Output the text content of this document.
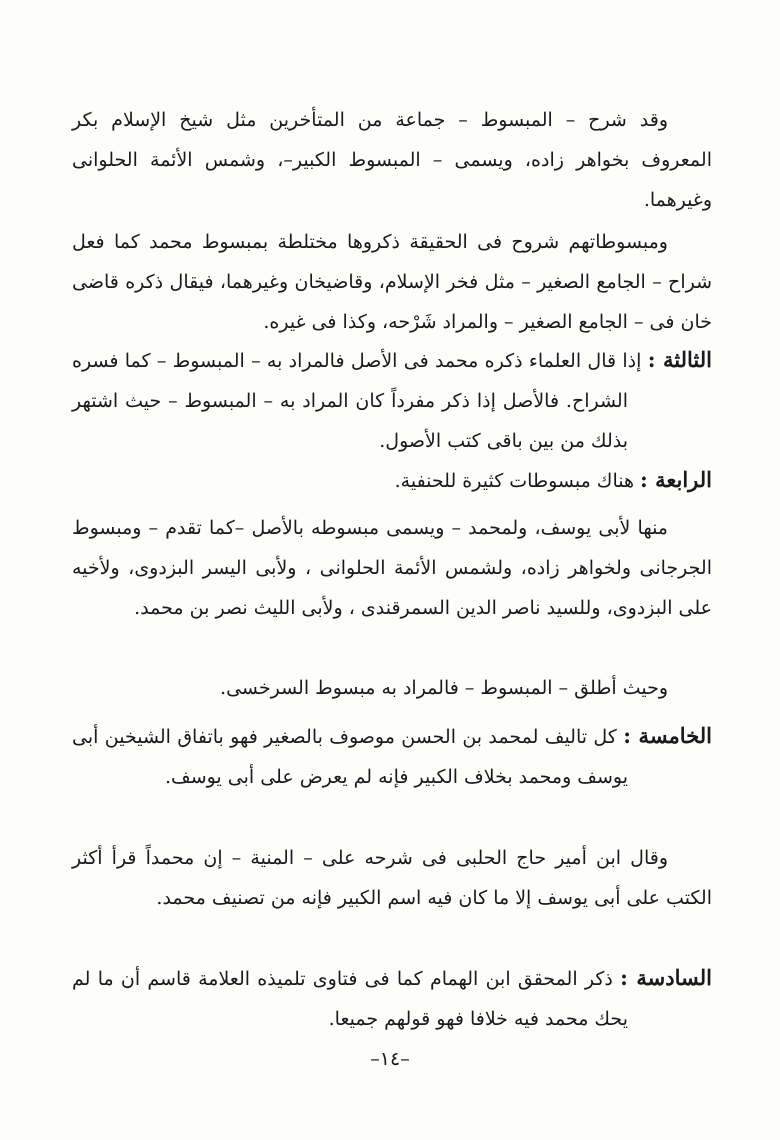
وقد شرح – المبسوط – جماعة من المتأخرين مثل شيخ الإسلام بكر المعروف بخواهر زاده، ويسمى – المبسوط الكبير–، وشمس الأئمة الحلوانى وغيرهما.

ومبسوطاتهم شروح فى الحقيقة ذكروها مختلطة بمبسوط محمد كما فعل شراح – الجامع الصغير – مثل فخر الإسلام، وقاضيخان وغيرهما، فيقال ذكره قاضى خان فى – الجامع الصغير – والمراد شَرْحه، وكذا فى غيره.

الثالثة : إذا قال العلماء ذكره محمد فى الأصل فالمراد به – المبسوط – كما فسره الشراح. فالأصل إذا ذكر مفرداً كان المراد به – المبسوط – حيث اشتهر بذلك من بين باقى كتب الأصول.

الرابعة : هناك مبسوطات كثيرة للحنفية.

منها لأبى يوسف، ولمحمد – ويسمى مبسوطه بالأصل –كما تقدم – ومبسوط الجرجانى ولخواهر زاده، ولشمس الأئمة الحلوانى ، ولأبى اليسر البزدوى، ولأخيه على البزدوى، وللسيد ناصر الدين السمرقندى ، ولأبى الليث نصر بن محمد.

وحيث أطلق – المبسوط – فالمراد به مبسوط السرخسى.

الخامسة : كل تاليف لمحمد بن الحسن موصوف بالصغير فهو باتفاق الشيخين أبى يوسف ومحمد بخلاف الكبير فإنه لم يعرض على أبى يوسف.

وقال ابن أمير حاج الحلبى فى شرحه على – المنية – إن محمداً قرأ أكثر الكتب على أبى يوسف إلا ما كان فيه اسم الكبير فإنه من تصنيف محمد.

السادسة : ذكر المحقق ابن الهمام كما فى فتاوى تلميذه العلامة قاسم أن ما لم يحك محمد فيه خلافا فهو قولهم جميعا.

–١٤–
